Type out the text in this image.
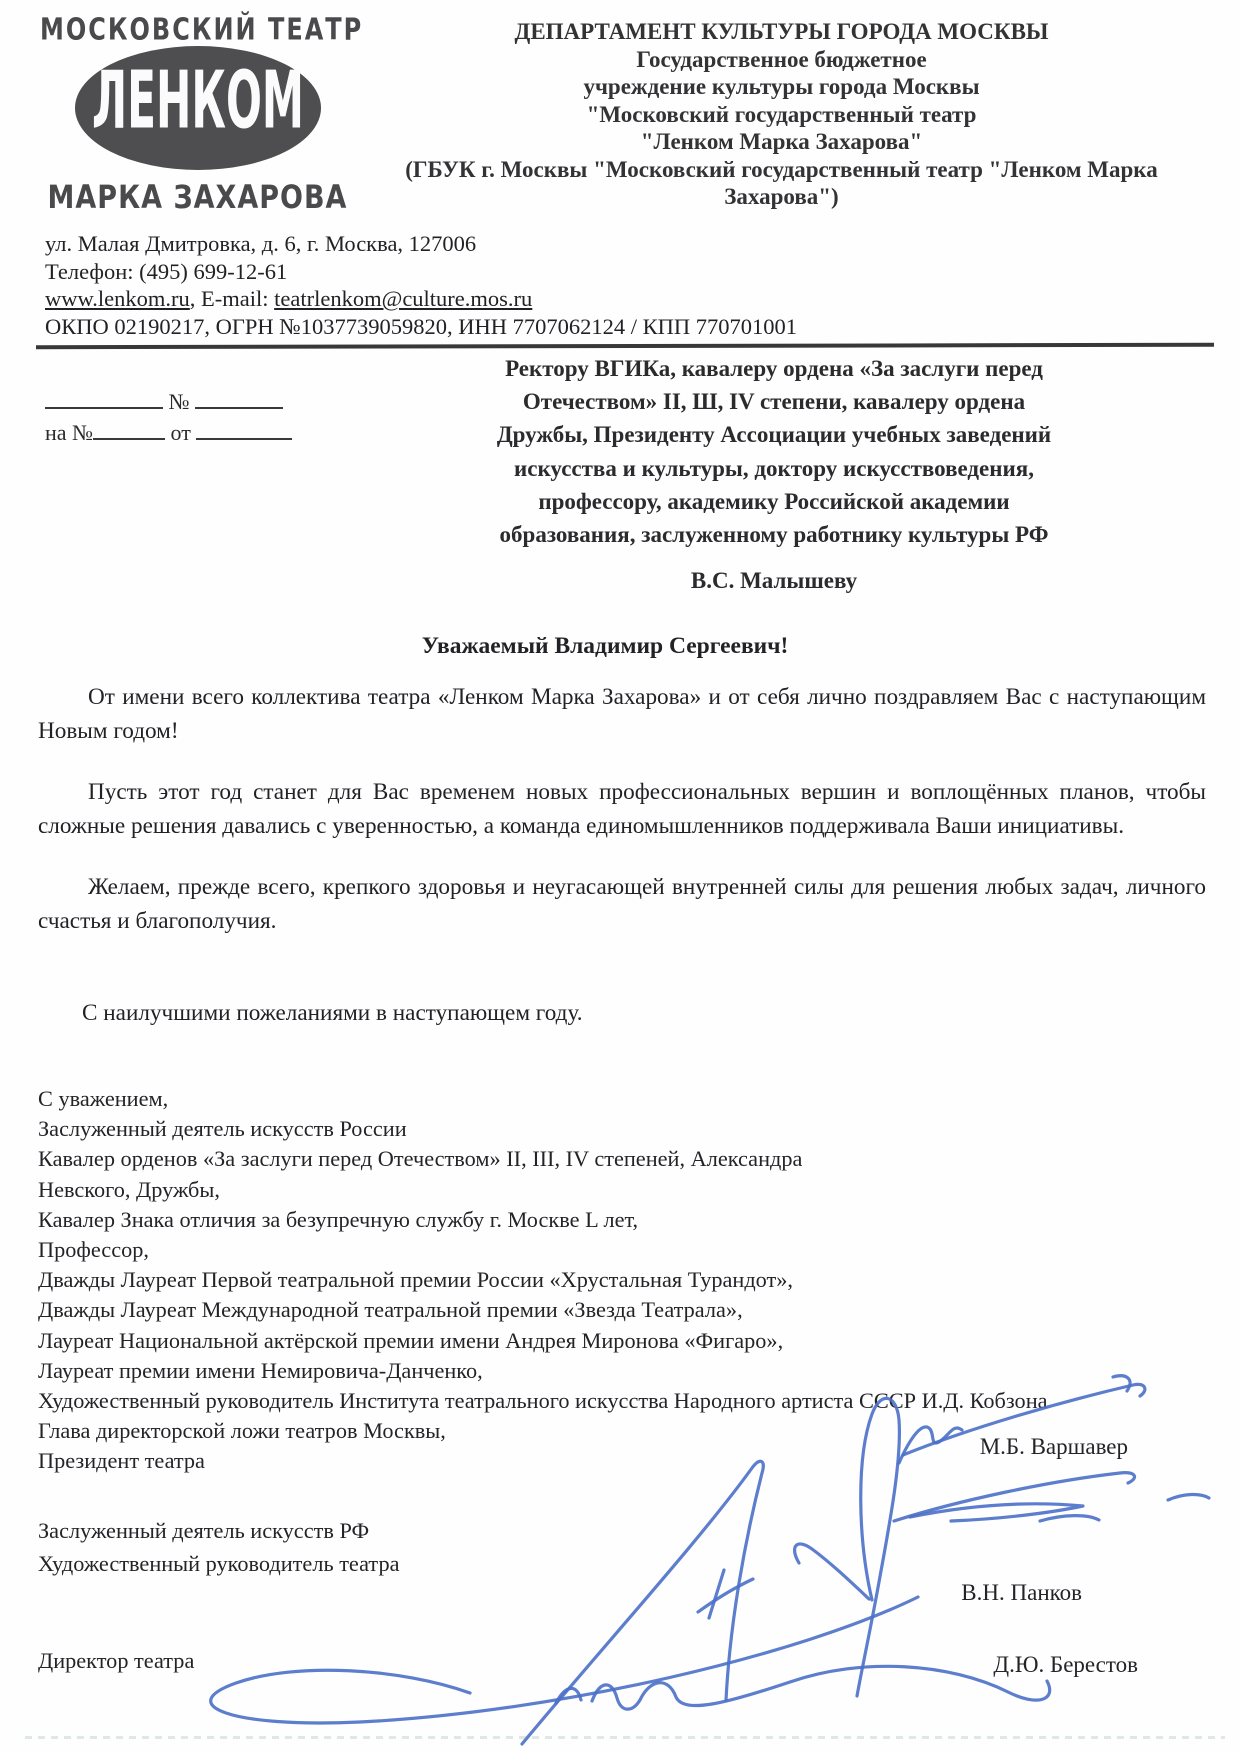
МОСКОВСКИЙ ТЕАТР
ЛЕНКОМ
МАРКА ЗАХАРОВА
ДЕПАРТАМЕНТ КУЛЬТУРЫ ГОРОДА МОСКВЫ
Государственное бюджетное
учреждение культуры города Москвы
"Московский государственный театр
"Ленком Марка Захарова"
(ГБУК г. Москвы "Московский государственный театр "Ленком Марка Захарова")
ул. Малая Дмитровка, д. 6, г. Москва, 127006
Телефон: (495) 699-12-61
www.lenkom.ru, E-mail: teatrlenkom@culture.mos.ru
ОКПО 02190217, ОГРН №1037739059820, ИНН 7707062124 / КПП 770701001
№
на №	от
Ректору ВГИКа, кавалеру ордена «За заслуги перед
Отечеством» II, Ш, IV степени, кавалеру ордена
Дружбы, Президенту Ассоциации учебных заведений
искусства и культуры, доктору искусствоведения,
профессору, академику Российской академии
образования, заслуженному работнику культуры РФ
В.С. Малышеву
Уважаемый Владимир Сергеевич!

От имени всего коллектива театра «Ленком Марка Захарова» и от себя лично поздравляем Вас с наступающим Новым годом!

Пусть этот год станет для Вас временем новых профессиональных вершин и воплощённых планов, чтобы сложные решения давались с уверенностью, а команда единомышленников поддерживала Ваши инициативы.

Желаем, прежде всего, крепкого здоровья и неугасающей внутренней силы для решения любых задач, личного счастья и благополучия.

С наилучшими пожеланиями в наступающем году.
С уважением,
Заслуженный деятель искусств России
Кавалер орденов «За заслуги перед Отечеством» II, III, IV степеней, Александра
Невского, Дружбы,
Кавалер Знака отличия за безупречную службу г. Москве L лет,
Профессор,
Дважды Лауреат Первой театральной премии России «Хрустальная Турандот»,
Дважды Лауреат Международной театральной премии «Звезда Театрала»,
Лауреат Национальной актёрской премии имени Андрея Миронова «Фигаро»,
Лауреат премии имени Немировича-Данченко,
Художественный руководитель Института театрального искусства Народного артиста СССР И.Д. Кобзона
Глава директорской ложи театров Москвы,
Президент театра
М.Б. Варшавер
Заслуженный деятель искусств РФ
Художественный руководитель театра
В.Н. Панков
Директор театра	Д.Ю. Берестов
